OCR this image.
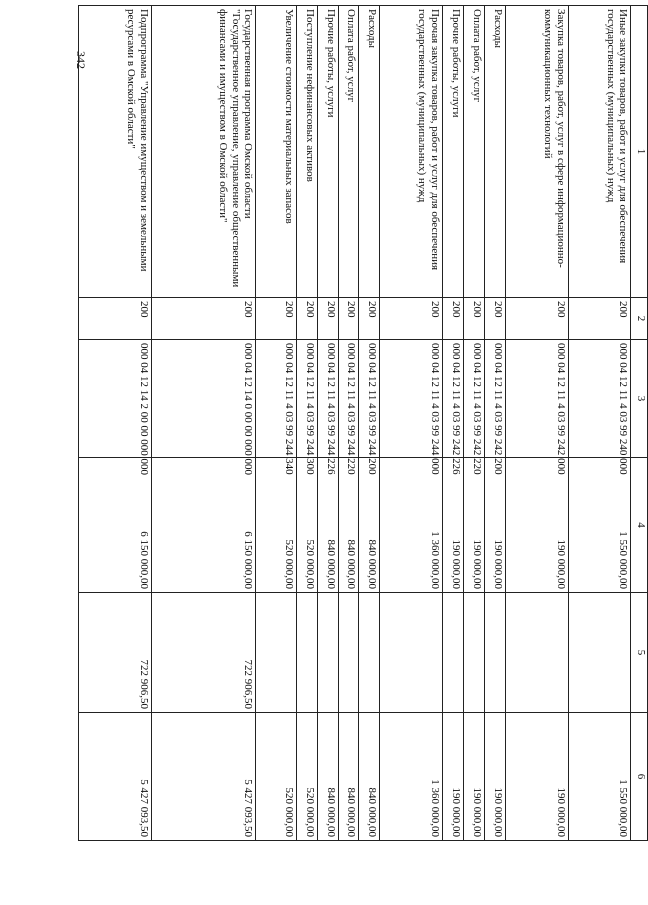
342
1	2	3	4	5	6
Иные закупки товаров, работ и услуг для обеспечения государственных (муниципальных) нужд	200	000 04 12 11 4 03 99 240 000	1 550 000,00		1 550 000,00
Закупка товаров, работ, услуг в сфере информационно-коммуникационных технологий	200	000 04 12 11 4 03 99 242 000	190 000,00		190 000,00
Расходы	200	000 04 12 11 4 03 99 242 200	190 000,00		190 000,00
Оплата работ, услуг	200	000 04 12 11 4 03 99 242 220	190 000,00		190 000,00
Прочие работы, услуги	200	000 04 12 11 4 03 99 242 226	190 000,00		190 000,00
Прочая закупка товаров, работ и услуг для обеспечения государственных (муниципальных) нужд	200	000 04 12 11 4 03 99 244 000	1 360 000,00		1 360 000,00
Расходы	200	000 04 12 11 4 03 99 244 200	840 000,00		840 000,00
Оплата работ, услуг	200	000 04 12 11 4 03 99 244 220	840 000,00		840 000,00
Прочие работы, услуги	200	000 04 12 11 4 03 99 244 226	840 000,00		840 000,00
Поступление нефинансовых активов	200	000 04 12 11 4 03 99 244 300	520 000,00		520 000,00
Увеличение стоимости материальных запасов	200	000 04 12 11 4 03 99 244 340	520 000,00		520 000,00
Государственная программа Омской области "Государственное управление, управление общественными финансами и имуществом в Омской области"	200	000 04 12 14 0 00 00 000 000	6 150 000,00	722 906,50	5 427 093,50
Подпрограмма "Управление имуществом и земельными ресурсами в Омской области"	200	000 04 12 14 2 00 00 000 000	6 150 000,00	722 906,50	5 427 093,50
